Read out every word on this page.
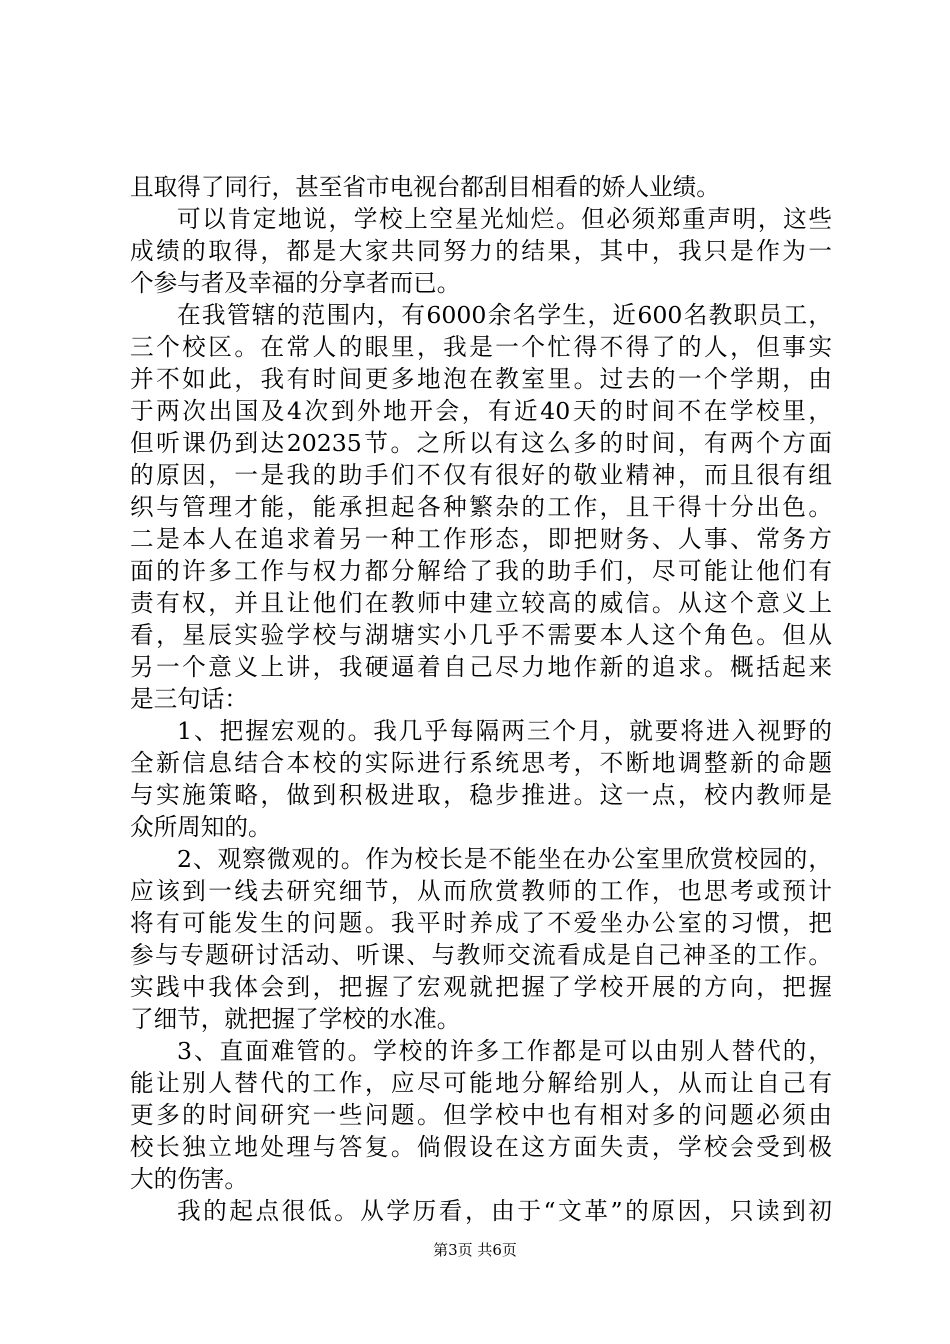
且取得了同行，甚至省市电视台都刮目相看的娇人业绩。
可以肯定地说，学校上空星光灿烂。但必须郑重声明，这些
成绩的取得，都是大家共同努力的结果，其中，我只是作为一
个参与者及幸福的分享者而已。
在我管辖的范围内，有6000余名学生，近600名教职员工，
三个校区。在常人的眼里，我是一个忙得不得了的人，但事实
并不如此，我有时间更多地泡在教室里。过去的一个学期，由
于两次出国及4次到外地开会，有近40天的时间不在学校里，
但听课仍到达20235节。之所以有这么多的时间，有两个方面
的原因，一是我的助手们不仅有很好的敬业精神，而且很有组
织与管理才能，能承担起各种繁杂的工作，且干得十分出色。
二是本人在追求着另一种工作形态，即把财务、人事、常务方
面的许多工作与权力都分解给了我的助手们，尽可能让他们有
责有权，并且让他们在教师中建立较高的威信。从这个意义上
看，星辰实验学校与湖塘实小几乎不需要本人这个角色。但从
另一个意义上讲，我硬逼着自己尽力地作新的追求。概括起来
是三句话：
1、把握宏观的。我几乎每隔两三个月，就要将进入视野的
全新信息结合本校的实际进行系统思考，不断地调整新的命题
与实施策略，做到积极进取，稳步推进。这一点，校内教师是
众所周知的。
2、观察微观的。作为校长是不能坐在办公室里欣赏校园的，
应该到一线去研究细节，从而欣赏教师的工作，也思考或预计
将有可能发生的问题。我平时养成了不爱坐办公室的习惯，把
参与专题研讨活动、听课、与教师交流看成是自己神圣的工作。
实践中我体会到，把握了宏观就把握了学校开展的方向，把握
了细节，就把握了学校的水准。
3、直面难管的。学校的许多工作都是可以由别人替代的，
能让别人替代的工作，应尽可能地分解给别人，从而让自己有
更多的时间研究一些问题。但学校中也有相对多的问题必须由
校长独立地处理与答复。倘假设在这方面失责，学校会受到极
大的伤害。
我的起点很低。从学历看，由于“文革”的原因，只读到初
第3页 共6页
